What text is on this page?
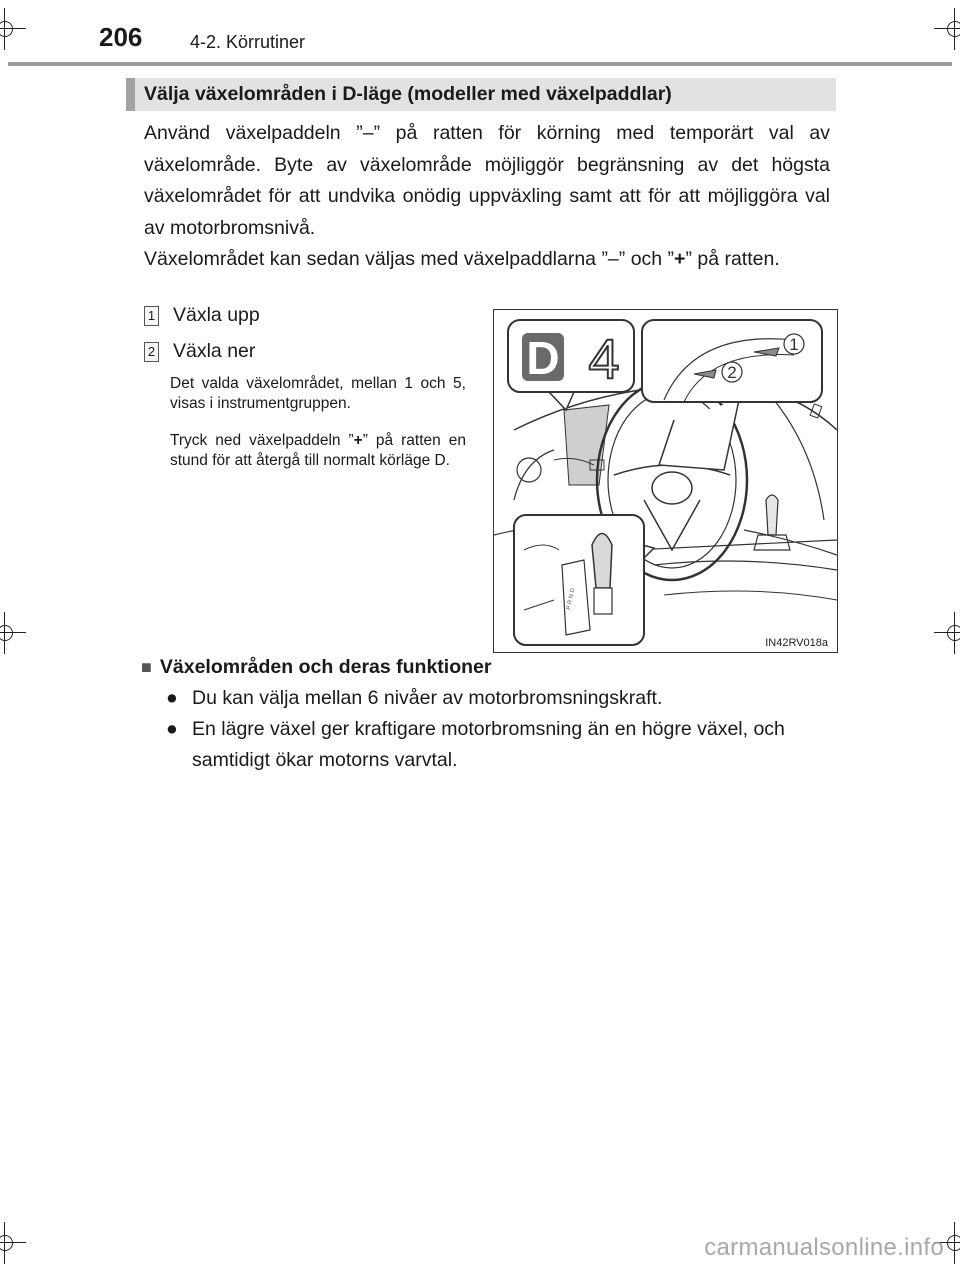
206	4-2. Körrutiner
Välja växelområden i D-läge (modeller med växelpaddlar)

Använd växelpaddeln ”–” på ratten för körning med temporärt val av växelområde. Byte av växelområde möjliggör begränsning av det högsta växelområdet för att undvika onödig uppväxling samt att för att möjliggöra val av motorbromsnivå.

Växelområdet kan sedan väljas med växelpaddlarna ”–” och ”+” på ratten.

1 Växla upp
2 Växla ner

Det valda växelområdet, mellan 1 och 5, visas i instrumentgruppen.

Tryck ned växelpaddeln ”+” på ratten en stund för att återgå till normalt körläge D.

D 4	1
2
P R N D
IN42RV018a
■ Växelområden och deras funktioner
● Du kan välja mellan 6 nivåer av motorbromsningskraft.
● En lägre växel ger kraftigare motorbromsning än en högre växel, och samtidigt ökar motorns varvtal.
carmanualsonline.info
